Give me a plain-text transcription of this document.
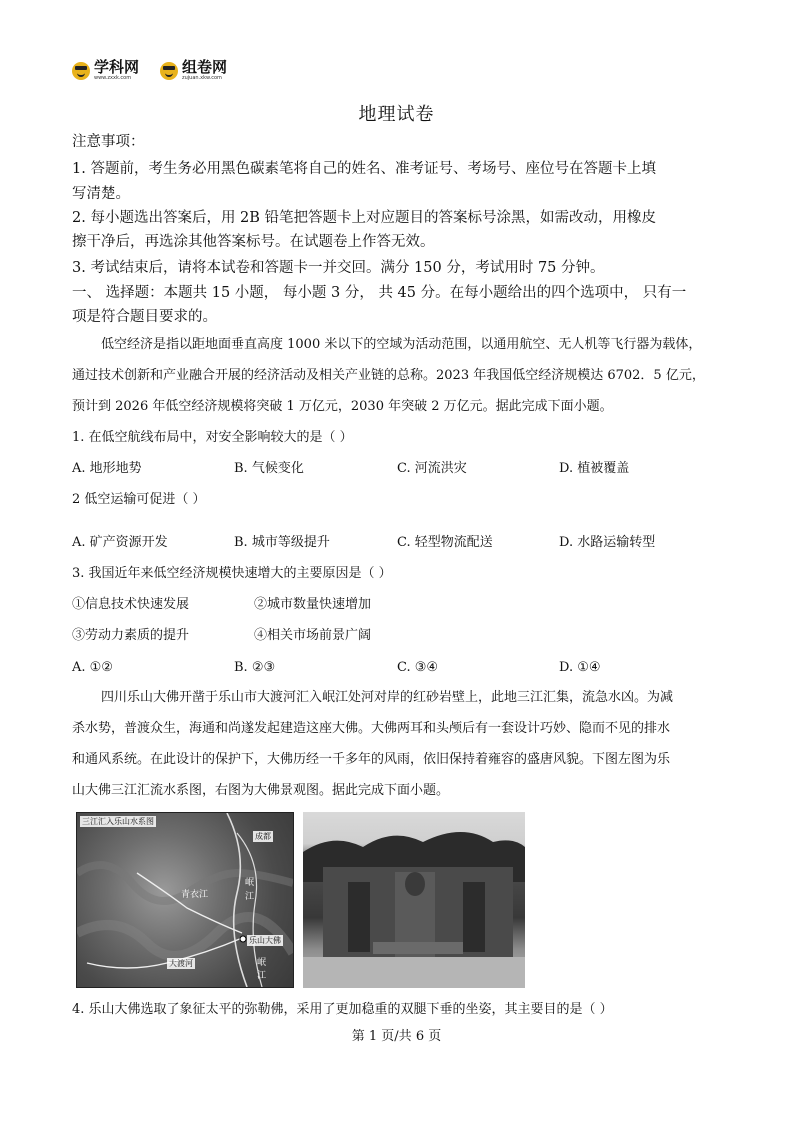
学科网
www.zxxk.com
组卷网
zujuan.xkw.com
地理试卷
注意事项：
1. 答题前，考生务必用黑色碳素笔将自己的姓名、准考证号、考场号、座位号在答题卡上填
写清楚。
2. 每小题选出答案后，用 2B 铅笔把答题卡上对应题目的答案标号涂黑，如需改动，用橡皮
擦干净后，再选涂其他答案标号。在试题卷上作答无效。
3. 考试结束后，请将本试卷和答题卡一并交回。满分 150 分，考试用时 75 分钟。
一、 选择题：本题共 15 小题， 每小题 3 分， 共 45 分。在每小题给出的四个选项中， 只有一
项是符合题目要求的。
低空经济是指以距地面垂直高度 1000 米以下的空域为活动范围，以通用航空、无人机等飞行器为载体，
通过技术创新和产业融合开展的经济活动及相关产业链的总称。2023 年我国低空经济规模达 6702．5 亿元，
预计到 2026 年低空经济规模将突破 1 万亿元，2030 年突破 2 万亿元。据此完成下面小题。
1. 在低空航线布局中，对安全影响较大的是（ ）
A. 地形地势	B. 气候变化	C. 河流洪灾	D. 植被覆盖
2 低空运输可促进（ ）
A. 矿产资源开发	B. 城市等级提升	C. 轻型物流配送	D. 水路运输转型
3. 我国近年来低空经济规模快速增大的主要原因是（ ）
①信息技术快速发展	②城市数量快速增加
③劳动力素质的提升	④相关市场前景广阔
A. ①②	B. ②③	C. ③④	D. ①④
四川乐山大佛开凿于乐山市大渡河汇入岷江处河对岸的红砂岩壁上，此地三江汇集，流急水凶。为减
杀水势，普渡众生，海通和尚遂发起建造这座大佛。大佛两耳和头颅后有一套设计巧妙、隐而不见的排水
和通风系统。在此设计的保护下，大佛历经一千多年的风雨，依旧保持着雍容的盛唐风貌。下图左图为乐
山大佛三江汇流水系图，右图为大佛景观图。据此完成下面小题。
三江汇入乐山水系图
成都
青衣江
岷
江
乐山大佛
大渡河	岷
江
4. 乐山大佛选取了象征太平的弥勒佛，采用了更加稳重的双腿下垂的坐姿，其主要目的是（ ）
第 1 页/共 6 页
